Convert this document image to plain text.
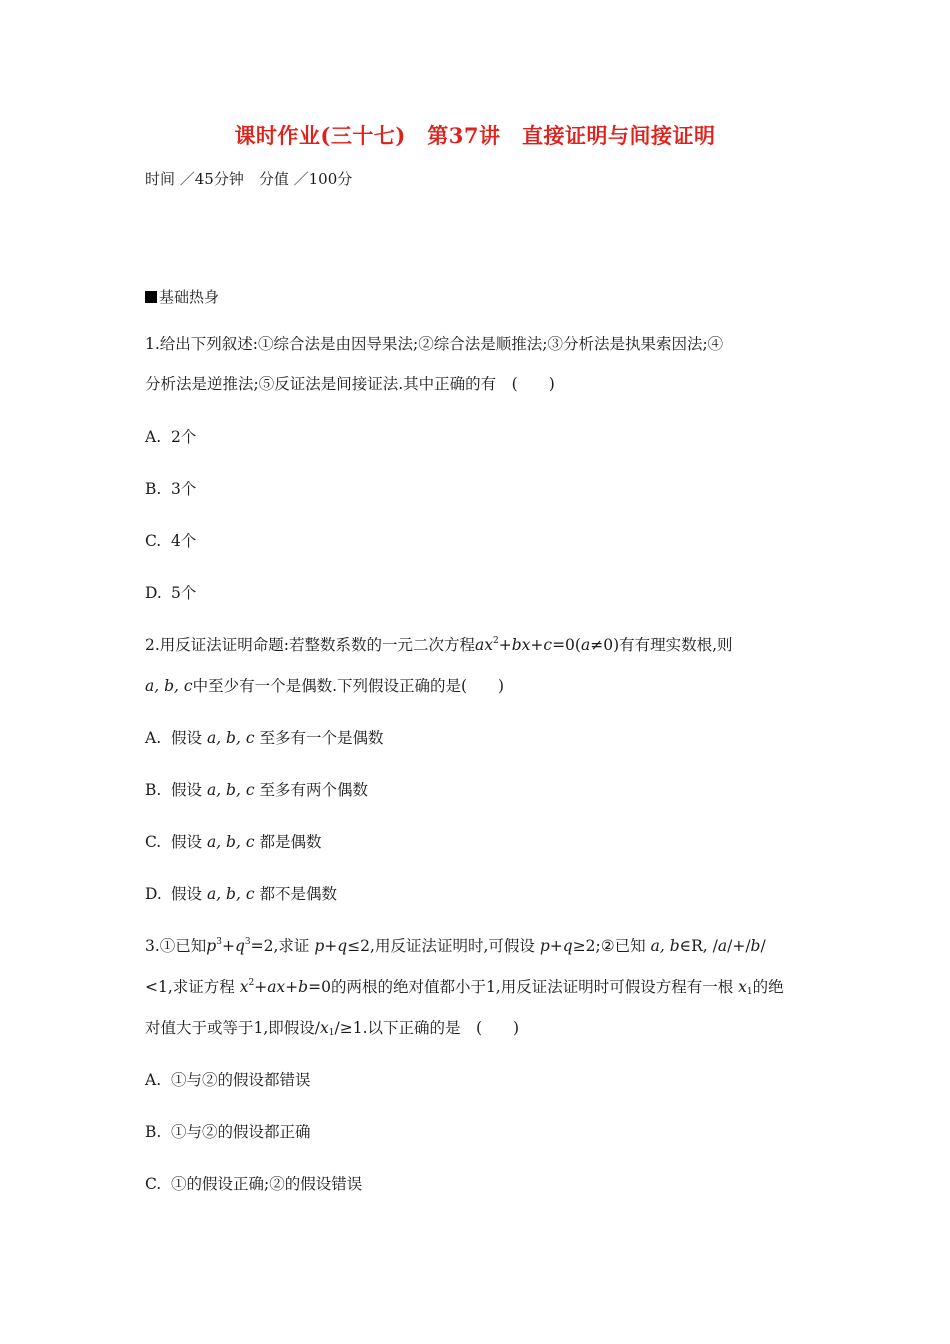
课时作业(三十七)　第37讲　直接证明与间接证明
时间 ／45分钟　分值 ／100分
基础热身
1.给出下列叙述:①综合法是由因导果法;②综合法是顺推法;③分析法是执果索因法;④
分析法是逆推法;⑤反证法是间接证法.其中正确的有　(　　)
A. 2个
B. 3个
C. 4个
D. 5个
2.用反证法证明命题:若整数系数的一元二次方程$ax^2+bx+c=0(a\ne 0)$有有理实数根,则
a, b, c中至少有一个是偶数.下列假设正确的是(　　)
A. 假设 a, b, c 至多有一个是偶数
B. 假设 a, b, c 至多有两个偶数
C. 假设 a, b, c 都是偶数
D. 假设 a, b, c 都不是偶数
3.①已知$p^3+q^3=2$,求证 p+q≤2,用反证法证明时,可假设 p+q≥2;②已知 a, b∈R, /a/+/b/
<1,求证方程 $x^2+ax+b=0$的两根的绝对值都小于1,用反证法证明时可假设方程有一根 $x_1$的绝
对值大于或等于1,即假设$/x_1/\ge 1$.以下正确的是　(　　)
A. ①与②的假设都错误
B. ①与②的假设都正确
C. ①的假设正确;②的假设错误
